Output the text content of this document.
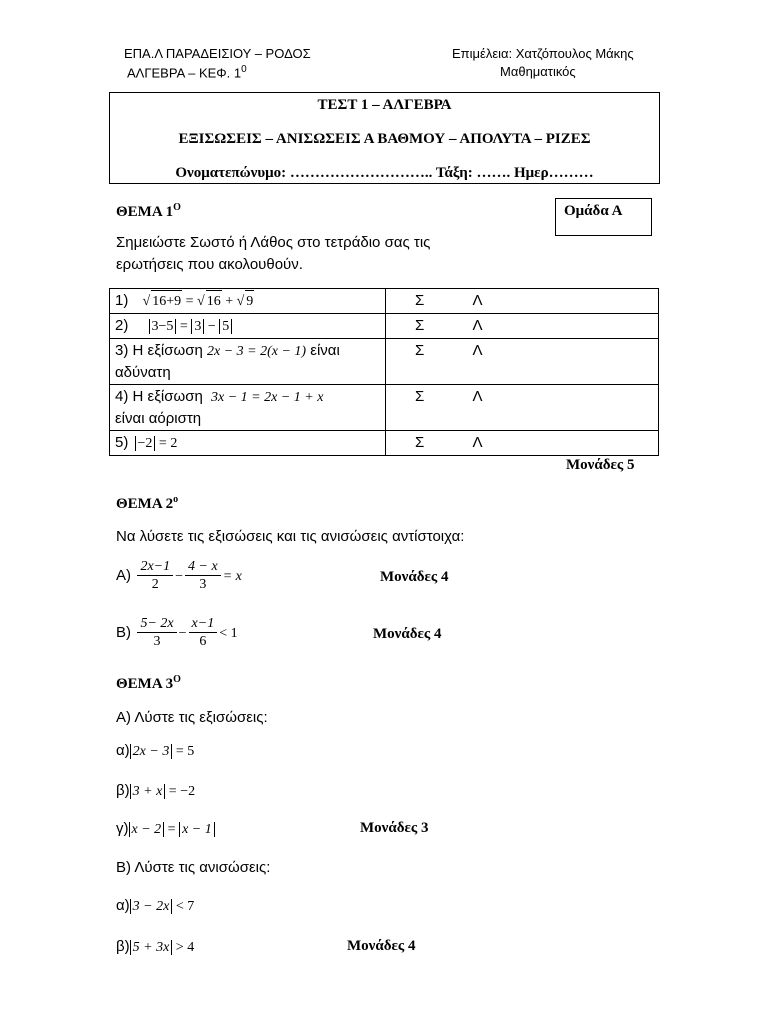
ΕΠΑ.Λ ΠΑΡΑΔΕΙΣΙΟΥ – ΡΟΔΟΣ
ΑΛΓΕΒΡΑ – ΚΕΦ. $1^0$
Επιμέλεια: Χατζόπουλος Μάκης
Μαθηματικός
ΤΕΣΤ 1 – ΑΛΓΕΒΡΑ
ΕΞΙΣΩΣΕΙΣ – ΑΝΙΣΩΣΕΙΣ Α ΒΑΘΜΟΥ – ΑΠΟΛΥΤΑ – ΡΙΖΕΣ
Ονοματεπώνυμο: ……………………….. Τάξη: ……. Ημερ………
ΘΕΜΑ $1^O$	Ομάδα Α
Σημειώστε Σωστό ή Λάθος στο τετράδιο σας τις
ερωτήσεις που ακολουθούν.
1) √ 16+9 = √ 16 + √ 9	Σ Λ
2) 3−5 = 3 − 5	Σ Λ
3) Η εξίσωση 2x − 3 = 2(x − 1) είναι
αδύνατη	Σ Λ
4) Η εξίσωση 3x − 1 = 2x − 1 + x
είναι αόριστη	Σ Λ
5) −2 = 2	Σ Λ
Μονάδες 5
ΘΕΜΑ $2^o$
Να λύσετε τις εξισώσεις και τις ανισώσεις αντίστοιχα:
$A) \frac{2x-1}{2} - \frac{4 - x}{3} = x$	Μονάδες 4
$B) \frac{5- 2x}{3} - \frac{x-1}{6} < 1$	Μονάδες 4
ΘΕΜΑ $3^O$
Α) Λύστε τις εξισώσεις:
α) 2x − 3 = 5
β) 3 + x = −2
γ) x − 2 = x − 1	Μονάδες 3
Β) Λύστε τις ανισώσεις:
α) 3 − 2x < 7
β) 5 + 3x > 4	Μονάδες 4
